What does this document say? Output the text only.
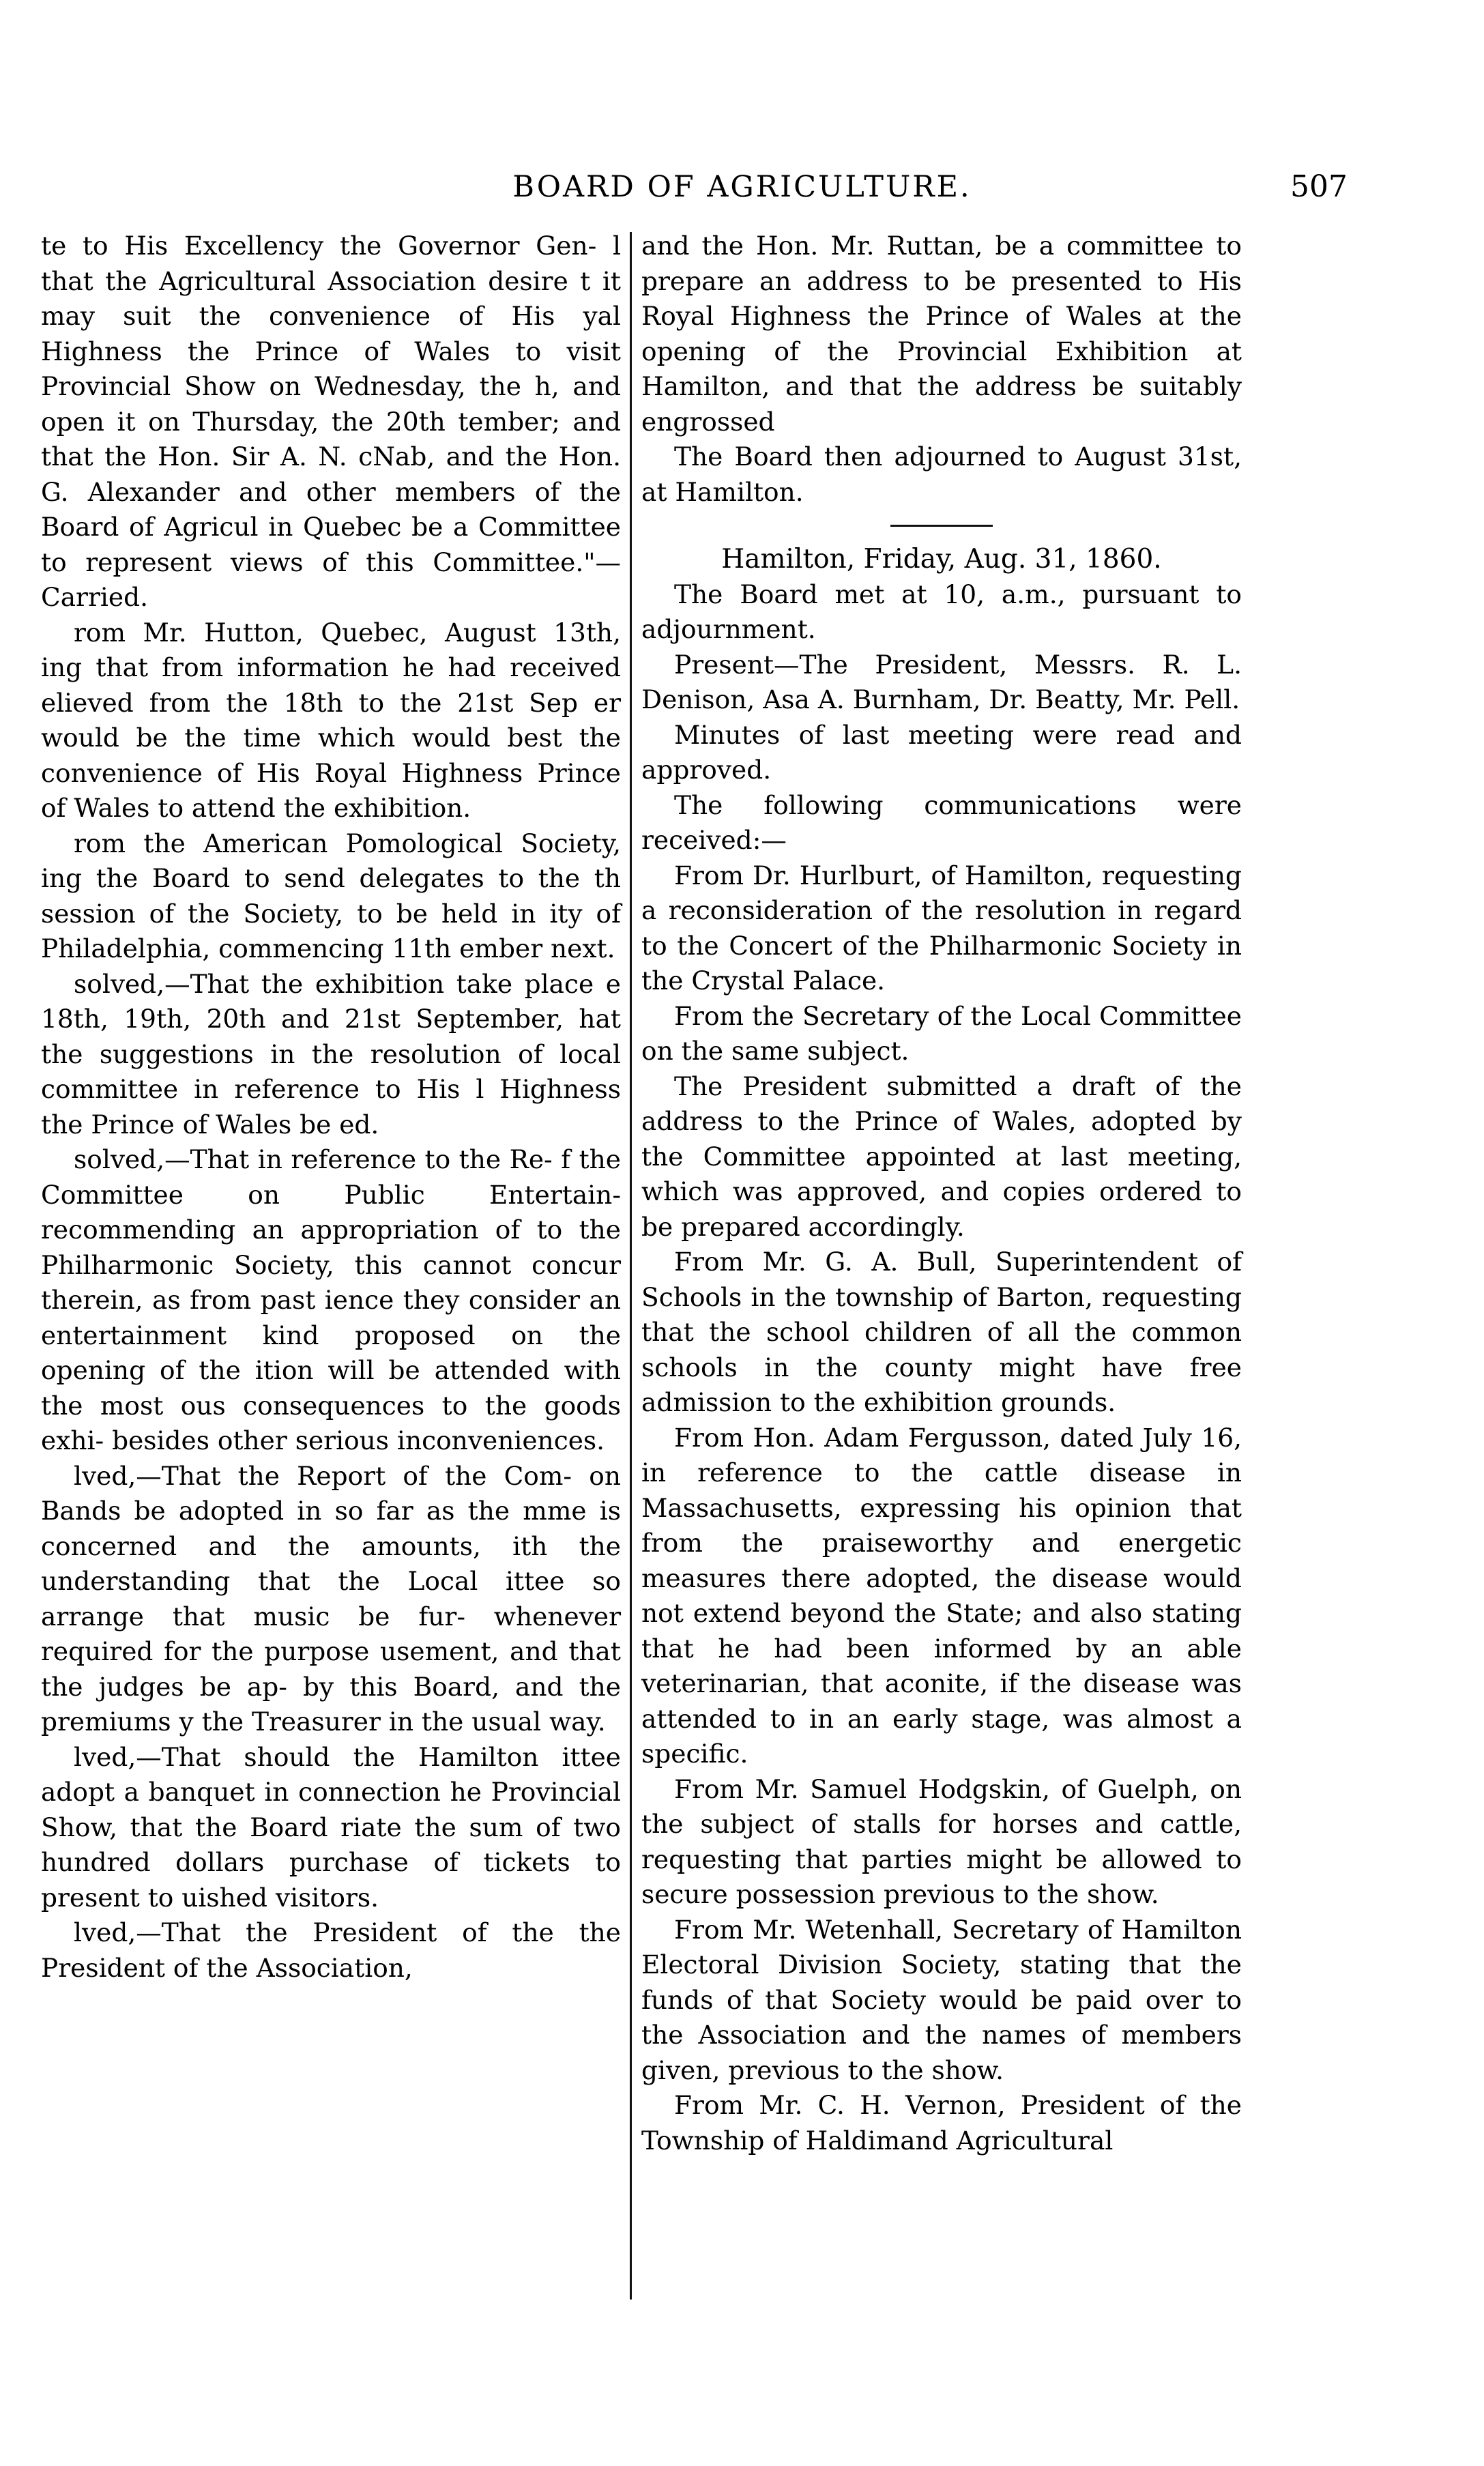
BOARD OF AGRICULTURE.	507

te to His Excellency the Governor Gen- l that the Agricultural Association desire t it may suit the convenience of His yal Highness the Prince of Wales to visit Provincial Show on Wednesday, the h, and open it on Thursday, the 20th tember; and that the Hon. Sir A. N. cNab, and the Hon. G. Alexander and other members of the Board of Agricul in Quebec be a Committee to represent views of this Committee."—Carried.

rom Mr. Hutton, Quebec, August 13th, ing that from information he had received elieved from the 18th to the 21st Sep er would be the time which would best the convenience of His Royal Highness Prince of Wales to attend the exhibition.

rom the American Pomological Society, ing the Board to send delegates to the th session of the Society, to be held in ity of Philadelphia, commencing 11th ember next.

solved,—That the exhibition take place e 18th, 19th, 20th and 21st September, hat the suggestions in the resolution of local committee in reference to His l Highness the Prince of Wales be ed.

solved,—That in reference to the Re- f the Committee on Public Entertain- recommending an appropriation of to the Philharmonic Society, this cannot concur therein, as from past ience they consider an entertainment kind proposed on the opening of the ition will be attended with the most ous consequences to the goods exhi- besides other serious inconveniences.

lved,—That the Report of the Com- on Bands be adopted in so far as the mme is concerned and the amounts, ith the understanding that the Local ittee so arrange that music be fur- whenever required for the purpose usement, and that the judges be ap- by this Board, and the premiums y the Treasurer in the usual way.

lved,—That should the Hamilton ittee adopt a banquet in connection he Provincial Show, that the Board riate the sum of two hundred dollars purchase of tickets to present to uished visitors.

lved,—That the President of the the President of the Association,

and the Hon. Mr. Ruttan, be a committee to prepare an address to be presented to His Royal Highness the Prince of Wales at the opening of the Provincial Exhibition at Hamilton, and that the address be suitably engrossed

The Board then adjourned to August 31st, at Hamilton.

Hamilton, Friday, Aug. 31, 1860.

The Board met at 10, a.m., pursuant to adjournment.

Present—The President, Messrs. R. L. Denison, Asa A. Burnham, Dr. Beatty, Mr. Pell.

Minutes of last meeting were read and approved.

The following communications were received:—

From Dr. Hurlburt, of Hamilton, requesting a reconsideration of the resolution in regard to the Concert of the Philharmonic Society in the Crystal Palace.

From the Secretary of the Local Committee on the same subject.

The President submitted a draft of the address to the Prince of Wales, adopted by the Committee appointed at last meeting, which was approved, and copies ordered to be prepared accordingly.

From Mr. G. A. Bull, Superintendent of Schools in the township of Barton, requesting that the school children of all the common schools in the county might have free admission to the exhibition grounds.

From Hon. Adam Fergusson, dated July 16, in reference to the cattle disease in Massachusetts, expressing his opinion that from the praiseworthy and energetic measures there adopted, the disease would not extend beyond the State; and also stating that he had been informed by an able veterinarian, that aconite, if the disease was attended to in an early stage, was almost a specific.

From Mr. Samuel Hodgskin, of Guelph, on the subject of stalls for horses and cattle, requesting that parties might be allowed to secure possession previous to the show.

From Mr. Wetenhall, Secretary of Hamilton Electoral Division Society, stating that the funds of that Society would be paid over to the Association and the names of members given, previous to the show.

From Mr. C. H. Vernon, President of the Township of Haldimand Agricultural
